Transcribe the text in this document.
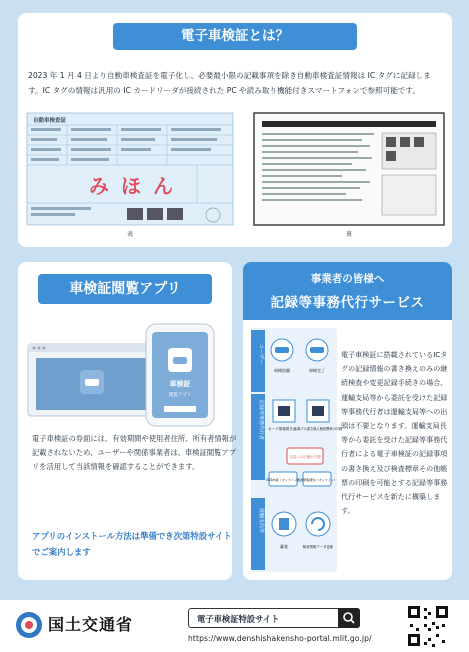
電子車検証とは？
2023 年 1 月 4 日より自動車検査証を電子化し、必要最小限の記載事項を除き自動車検査証情報は IC タグに記録します。IC タグの情報は汎用の IC カードリーダが接続された PC や読み取り機能付きスマートフォンで参照可能です。
自動車検査証
みほん
表	裏
車検証閲覧アプリ
車検証
閲覧アプリ
電子車検証の券面には、有効期間や使用者住所、所有者情報が記載されないため、ユーザーや関係事業者は、車検証閲覧アプリを活用して当該情報を確認することができます。
アプリのインストール方法は準備でき次第特設サイトでご案内します
事業者の皆様へ
記録等事務代行サービス
ユーザー
記録等事務代行者
運輸支局等
車検依頼	車検完了
カード情報書き込み
ICタグの書き換え検査標章の印刷
支局への出頭が不要
OSS申請（オンライン）
更新情報通知（オンライン）
審査	検査情報データ更新
電子車検証に搭載されているICタグの記録情報の書き換えのみの継続検査や変更記録手続きの場合、運輸支局等から委託を受けた記録等事務代行者は運輸支局等への出頭は不要となります。運輸支局長等から委託を受けた記録等事務代行者による電子車検証の記録事項の書き換え及び検査標章その他帳票の印刷を可能とする記録等事務代行サービスを新たに構築します。
国土交通省	電子車検証特設サイト
https://www.denshishakensho-portal.mlit.go.jp/
